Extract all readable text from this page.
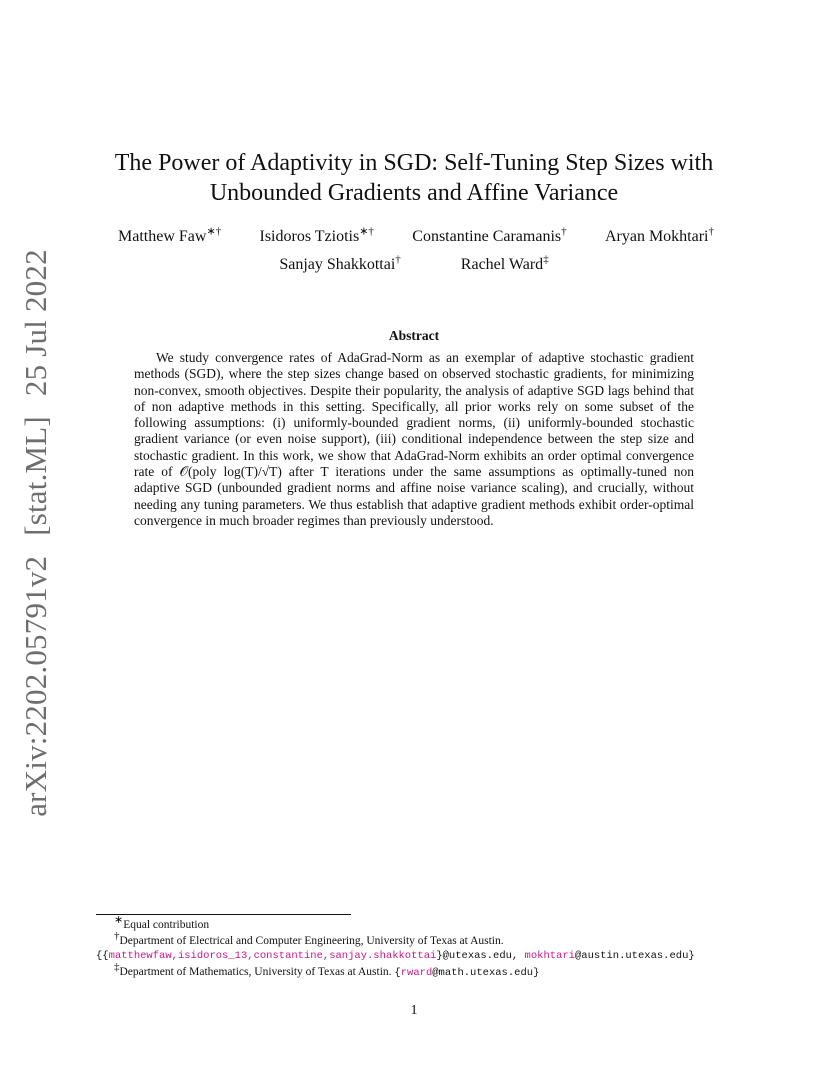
arXiv:2202.05791v2 [stat.ML] 25 Jul 2022
The Power of Adaptivity in SGD: Self-Tuning Step Sizes with
Unbounded Gradients and Affine Variance
Matthew Faw∗† Isidoros Tziotis∗† Constantine Caramanis† Aryan Mokhtari†
Sanjay Shakkottai†	Rachel Ward‡
Abstract
We study convergence rates of AdaGrad-Norm as an exemplar of adaptive stochastic gradient methods (SGD), where the step sizes change based on observed stochastic gradients, for minimizing non-convex, smooth objectives. Despite their popularity, the analysis of adaptive SGD lags behind that of non adaptive methods in this setting. Specifically, all prior works rely on some subset of the following assumptions: (i) uniformly-bounded gradient norms, (ii) uniformly-bounded stochastic gradient variance (or even noise support), (iii) conditional independence between the step size and stochastic gradient. In this work, we show that AdaGrad-Norm exhibits an order optimal convergence rate of 𝒪(poly log(T)/√T) after T iterations under the same assumptions as optimally-tuned non adaptive SGD (unbounded gradient norms and affine noise variance scaling), and crucially, without needing any tuning parameters. We thus establish that adaptive gradient methods exhibit order-optimal convergence in much broader regimes than previously understood.
∗Equal contribution
†Department of Electrical and Computer Engineering, University of Texas at Austin.
{{matthewfaw,isidoros_13,constantine,sanjay.shakkottai}@utexas.edu, mokhtari@austin.utexas.edu}
‡Department of Mathematics, University of Texas at Austin. {rward@math.utexas.edu}
1
